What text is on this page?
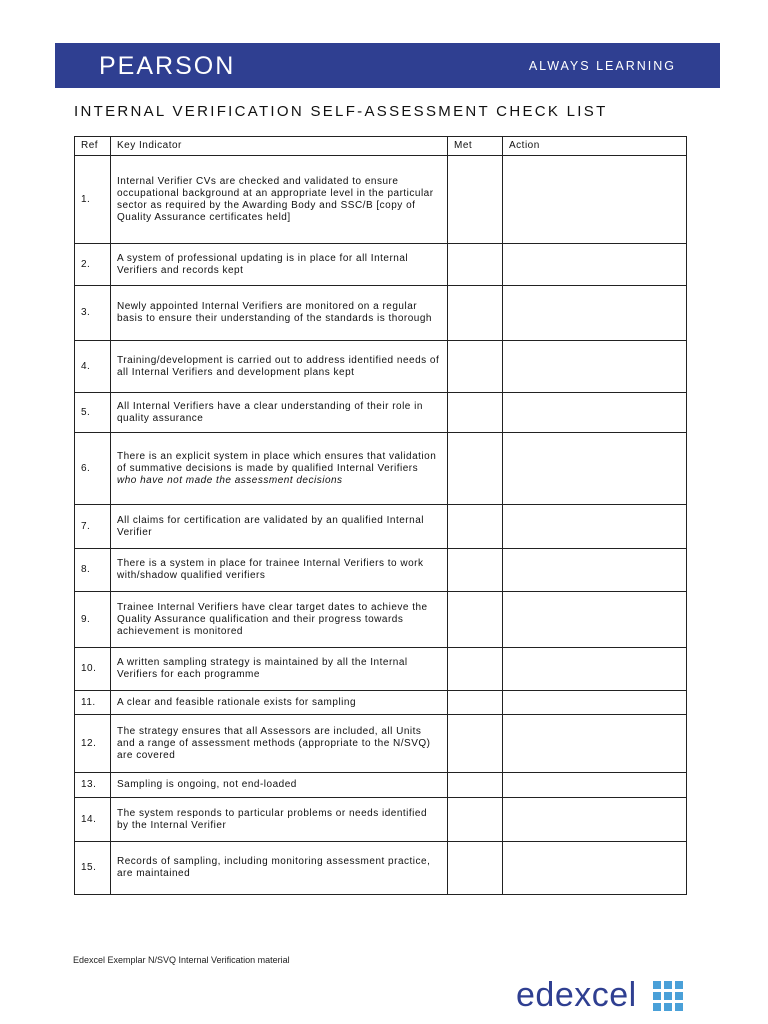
PEARSON	ALWAYS LEARNING
INTERNAL VERIFICATION SELF-ASSESSMENT CHECK LIST
Ref	Key Indicator	Met	Action
1.	Internal Verifier CVs are checked and validated to ensure occupational background at an appropriate level in the particular sector as required by the Awarding Body and SSC/B [copy of Quality Assurance certificates held]		
2.	A system of professional updating is in place for all Internal Verifiers and records kept		
3.	Newly appointed Internal Verifiers are monitored on a regular basis to ensure their understanding of the standards is thorough		
4.	Training/development is carried out to address identified needs of all Internal Verifiers and development plans kept		
5.	All Internal Verifiers have a clear understanding of their role in quality assurance		
6.	There is an explicit system in place which ensures that validation of summative decisions is made by qualified Internal Verifiers who have not made the assessment decisions		
7.	All claims for certification are validated by an qualified Internal Verifier		
8.	There is a system in place for trainee Internal Verifiers to work with/shadow qualified verifiers		
9.	Trainee Internal Verifiers have clear target dates to achieve the Quality Assurance qualification and their progress towards achievement is monitored		
10.	A written sampling strategy is maintained by all the Internal Verifiers for each programme		
11.	A clear and feasible rationale exists for sampling		
12.	The strategy ensures that all Assessors are included, all Units and a range of assessment methods (appropriate to the N/SVQ) are covered		
13.	Sampling is ongoing, not end-loaded		
14.	The system responds to particular problems or needs identified by the Internal Verifier		
15.	Records of sampling, including monitoring assessment practice, are maintained		
Edexcel Exemplar N/SVQ Internal Verification material
edexcel
